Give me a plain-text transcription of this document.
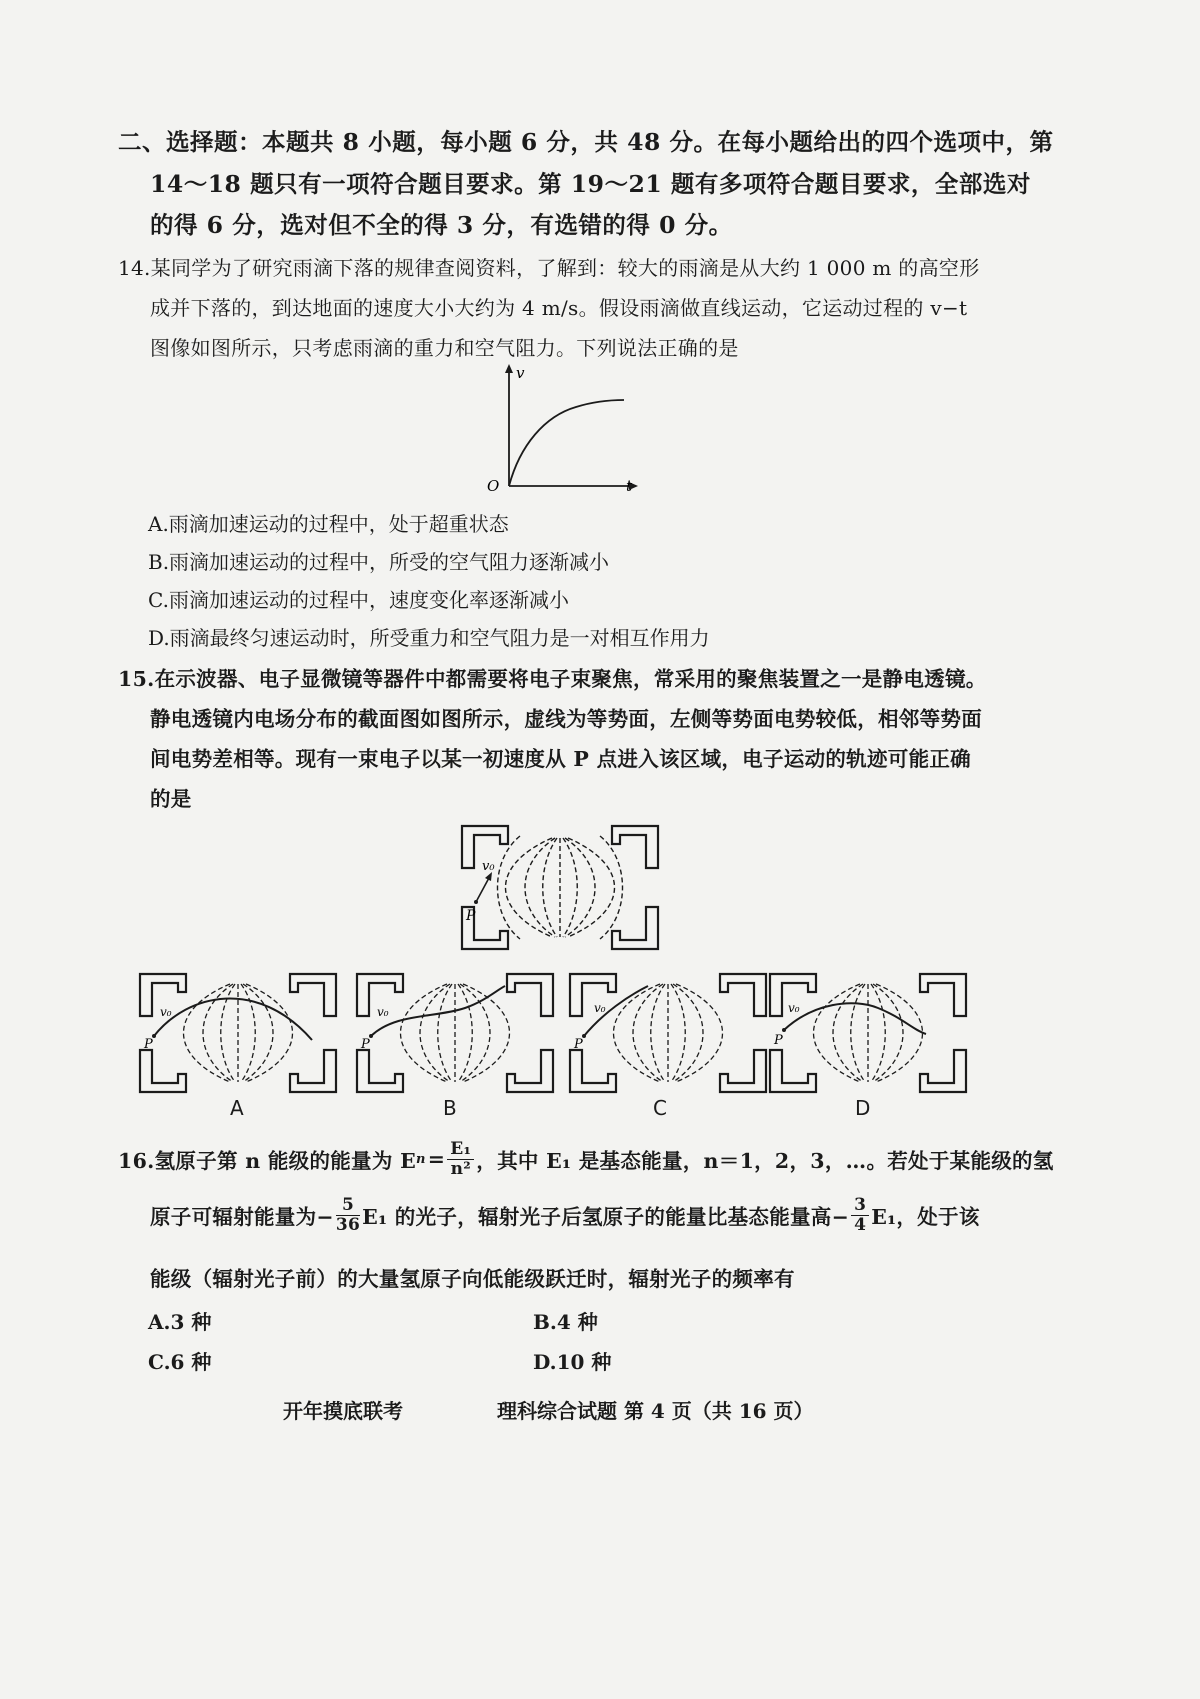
二、选择题：本题共 8 小题，每小题 6 分，共 48 分。在每小题给出的四个选项中，第
14～18 题只有一项符合题目要求。第 19～21 题有多项符合题目要求，全部选对
的得 6 分，选对但不全的得 3 分，有选错的得 0 分。
14.某同学为了研究雨滴下落的规律查阅资料，了解到：较大的雨滴是从大约 1 000 m 的高空形
成并下落的，到达地面的速度大小大约为 4 m/s。假设雨滴做直线运动，它运动过程的 v−t
图像如图所示，只考虑雨滴的重力和空气阻力。下列说法正确的是
v
t
O
A.雨滴加速运动的过程中，处于超重状态
B.雨滴加速运动的过程中，所受的空气阻力逐渐减小
C.雨滴加速运动的过程中，速度变化率逐渐减小
D.雨滴最终匀速运动时，所受重力和空气阻力是一对相互作用力
15.在示波器、电子显微镜等器件中都需要将电子束聚焦，常采用的聚焦装置之一是静电透镜。
静电透镜内电场分布的截面图如图所示，虚线为等势面，左侧等势面电势较低，相邻等势面
间电势差相等。现有一束电子以某一初速度从 P 点进入该区域，电子运动的轨迹可能正确
的是
v₀
P
v₀
P
A
v₀
P
B
v₀
P
C
v₀
P
D
16.氢原子第 n 能级的能量为 E $n = \frac{\text{E₁}}{\text{n²}}$ ，其中 E₁ 是基态能量，n＝1，2，3，…。若处于某能级的氢
原子可辐射能量为− $\frac{5}{36} E_1$ 的光子，辐射光子后氢原子的能量比基态能量高− $\frac{3}{4} E_1$，处于该
能级（辐射光子前）的大量氢原子向低能级跃迁时，辐射光子的频率有
A.3 种	B.4 种
C.6 种	D.10 种
开年摸底联考	理科综合试题 第 4 页（共 16 页）
